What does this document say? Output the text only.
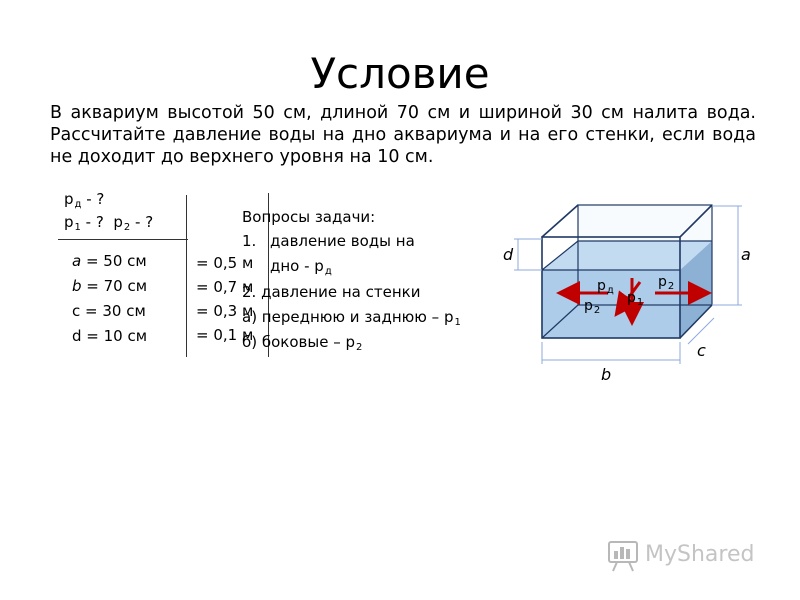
Условие
В аквариум высотой 50 см, длиной 70 см и шириной 30 см налита вода. Рассчитайте давление воды на дно аквариума и на его стенки, если вода не доходит до верхнего уровня на 10 см.
$p_д$ - ?
$p_1$ - ?  $p_2$ - ?
a = 50 см
b = 70 см
c = 30 см
d = 10 см
= 0,5 м
= 0,7 м
= 0,3 м
= 0,1 м
Вопросы задачи:
1. давление воды на
дно - $р_д$
2. давление на стенки
а) переднюю и заднюю – $р_1$
б) боковые – $р_2$
a
d
b
c
$р_д$
$р_2$
$р_2$
$р_1$
MyShared
